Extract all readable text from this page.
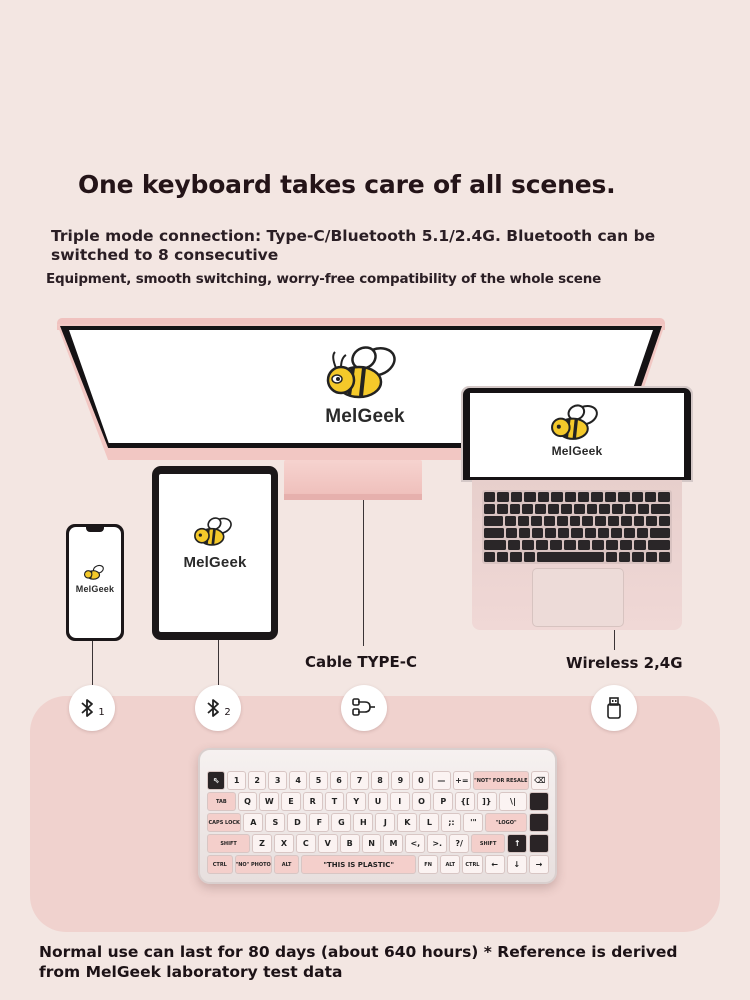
One keyboard takes care of all scenes.
Triple mode connection: Type-C/Bluetooth 5.1/2.4G. Bluetooth can be switched to 8 consecutive
Equipment, smooth switching, worry-free compatibility of the whole scene
MelGeek
MelGeek
MelGeek
MelGeek
Cable TYPE-C	Wireless 2,4G
1	2
⇖	1	2	3	4	5	6	7	8	9	0	—	+=	"NOT" FOR RESALE ⌫
TAB	Q	W	E	R	T	Y	U	I	O	P	{[	]}	\|
CAPS LOCK	A	S	D	F	G	H	J	K	L	;:	'"	"LOGO"
SHIFT	Z	X	C	V	B	N	M	<,	>.	?/	SHIFT	↑
CTRL	"NO" PHOTO	ALT	"THIS IS PLASTIC"	FN	ALT	CTRL	←	↓	→
Normal use can last for 80 days (about 640 hours) * Reference is derived from MelGeek laboratory test data
